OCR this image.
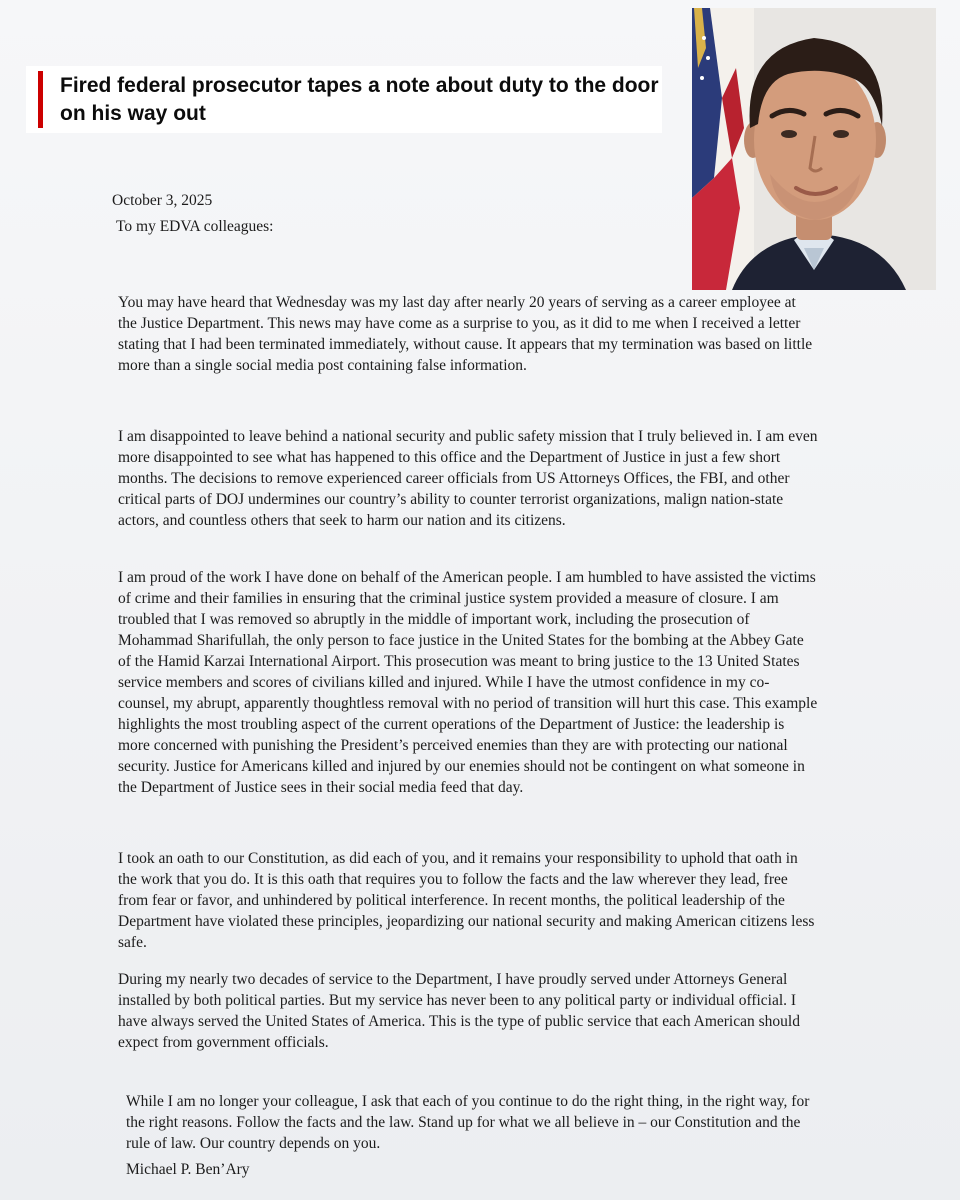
Fired federal prosecutor tapes a note about duty to the door on his way out

October 3, 2025

To my EDVA colleagues:

You may have heard that Wednesday was my last day after nearly 20 years of serving as a career employee at the Justice Department. This news may have come as a surprise to you, as it did to me when I received a letter stating that I had been terminated immediately, without cause. It appears that my termination was based on little more than a single social media post containing false information.

I am disappointed to leave behind a national security and public safety mission that I truly believed in. I am even more disappointed to see what has happened to this office and the Department of Justice in just a few short months. The decisions to remove experienced career officials from US Attorneys Offices, the FBI, and other critical parts of DOJ undermines our country’s ability to counter terrorist organizations, malign nation-state actors, and countless others that seek to harm our nation and its citizens.

I am proud of the work I have done on behalf of the American people. I am humbled to have assisted the victims of crime and their families in ensuring that the criminal justice system provided a measure of closure. I am troubled that I was removed so abruptly in the middle of important work, including the prosecution of Mohammad Sharifullah, the only person to face justice in the United States for the bombing at the Abbey Gate of the Hamid Karzai International Airport. This prosecution was meant to bring justice to the 13 United States service members and scores of civilians killed and injured. While I have the utmost confidence in my co-counsel, my abrupt, apparently thoughtless removal with no period of transition will hurt this case. This example highlights the most troubling aspect of the current operations of the Department of Justice: the leadership is more concerned with punishing the President’s perceived enemies than they are with protecting our national security. Justice for Americans killed and injured by our enemies should not be contingent on what someone in the Department of Justice sees in their social media feed that day.

I took an oath to our Constitution, as did each of you, and it remains your responsibility to uphold that oath in the work that you do. It is this oath that requires you to follow the facts and the law wherever they lead, free from fear or favor, and unhindered by political interference. In recent months, the political leadership of the Department have violated these principles, jeopardizing our national security and making American citizens less safe.

During my nearly two decades of service to the Department, I have proudly served under Attorneys General installed by both political parties. But my service has never been to any political party or individual official. I have always served the United States of America. This is the type of public service that each American should expect from government officials.

While I am no longer your colleague, I ask that each of you continue to do the right thing, in the right way, for the right reasons. Follow the facts and the law. Stand up for what we all believe in – our Constitution and the rule of law. Our country depends on you.

Michael P. Ben’Ary
